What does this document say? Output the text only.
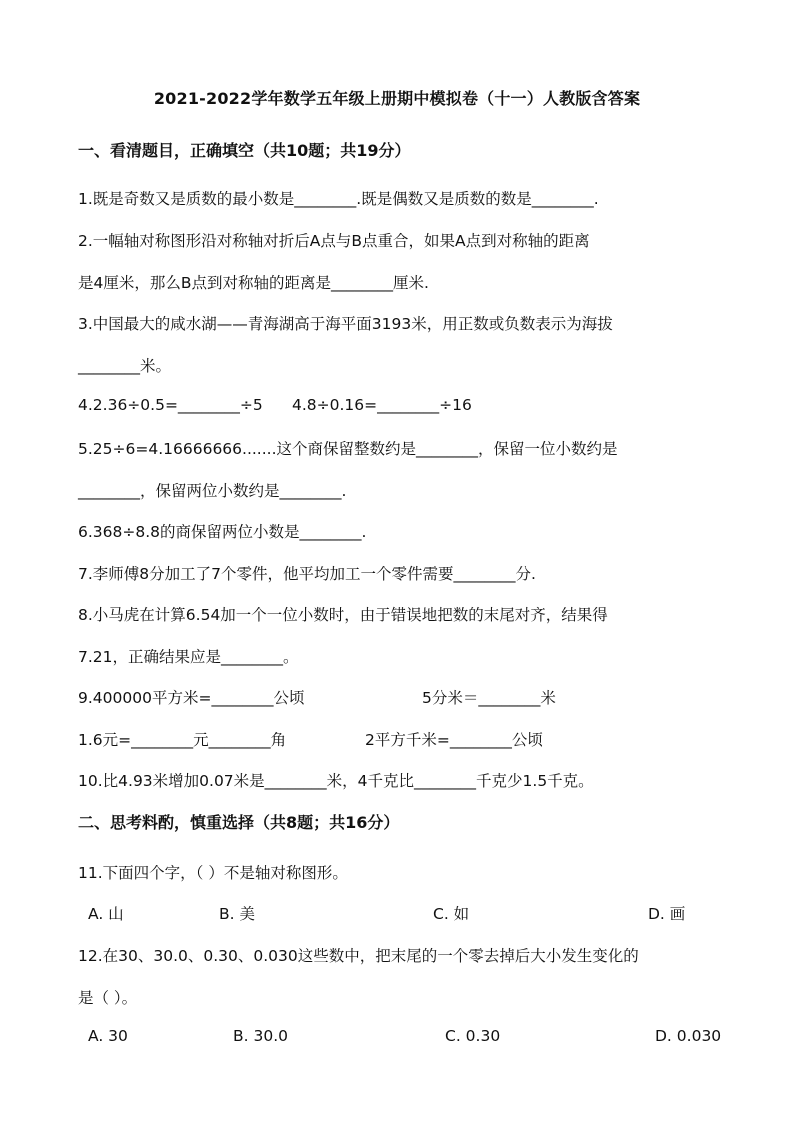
2021-2022学年数学五年级上册期中模拟卷（十一）人教版含答案
一、看清题目，正确填空（共10题；共19分）
1.既是奇数又是质数的最小数是________.既是偶数又是质数的数是________.
2.一幅轴对称图形沿对称轴对折后A点与B点重合，如果A点到对称轴的距离
是4厘米，那么B点到对称轴的距离是________厘米.
3.中国最大的咸水湖——青海湖高于海平面3193米，用正数或负数表示为海拔
________米。
4.2.36÷0.5=________÷5 4.8÷0.16=________÷16
5.25÷6=4.16666666.......这个商保留整数约是________，保留一位小数约是
________，保留两位小数约是________.
6.368÷8.8的商保留两位小数是________.
7.李师傅8分加工了7个零件，他平均加工一个零件需要________分.
8.小马虎在计算6.54加一个一位小数时，由于错误地把数的末尾对齐，结果得
7.21，正确结果应是________。
9.400000平方米=________公顷	5分米＝________米
1.6元=________元________角	2平方千米=________公顷
10.比4.93米增加0.07米是________米，4千克比________千克少1.5千克。
二、思考料酌，慎重选择（共8题；共16分）
11.下面四个字，（ ）不是轴对称图形。
A. 山	B. 美	C. 如	D. 画
12.在30、30.0、0.30、0.030这些数中，把末尾的一个零去掉后大小发生变化的
是（ ）。
A. 30	B. 30.0	C. 0.30	D. 0.030
